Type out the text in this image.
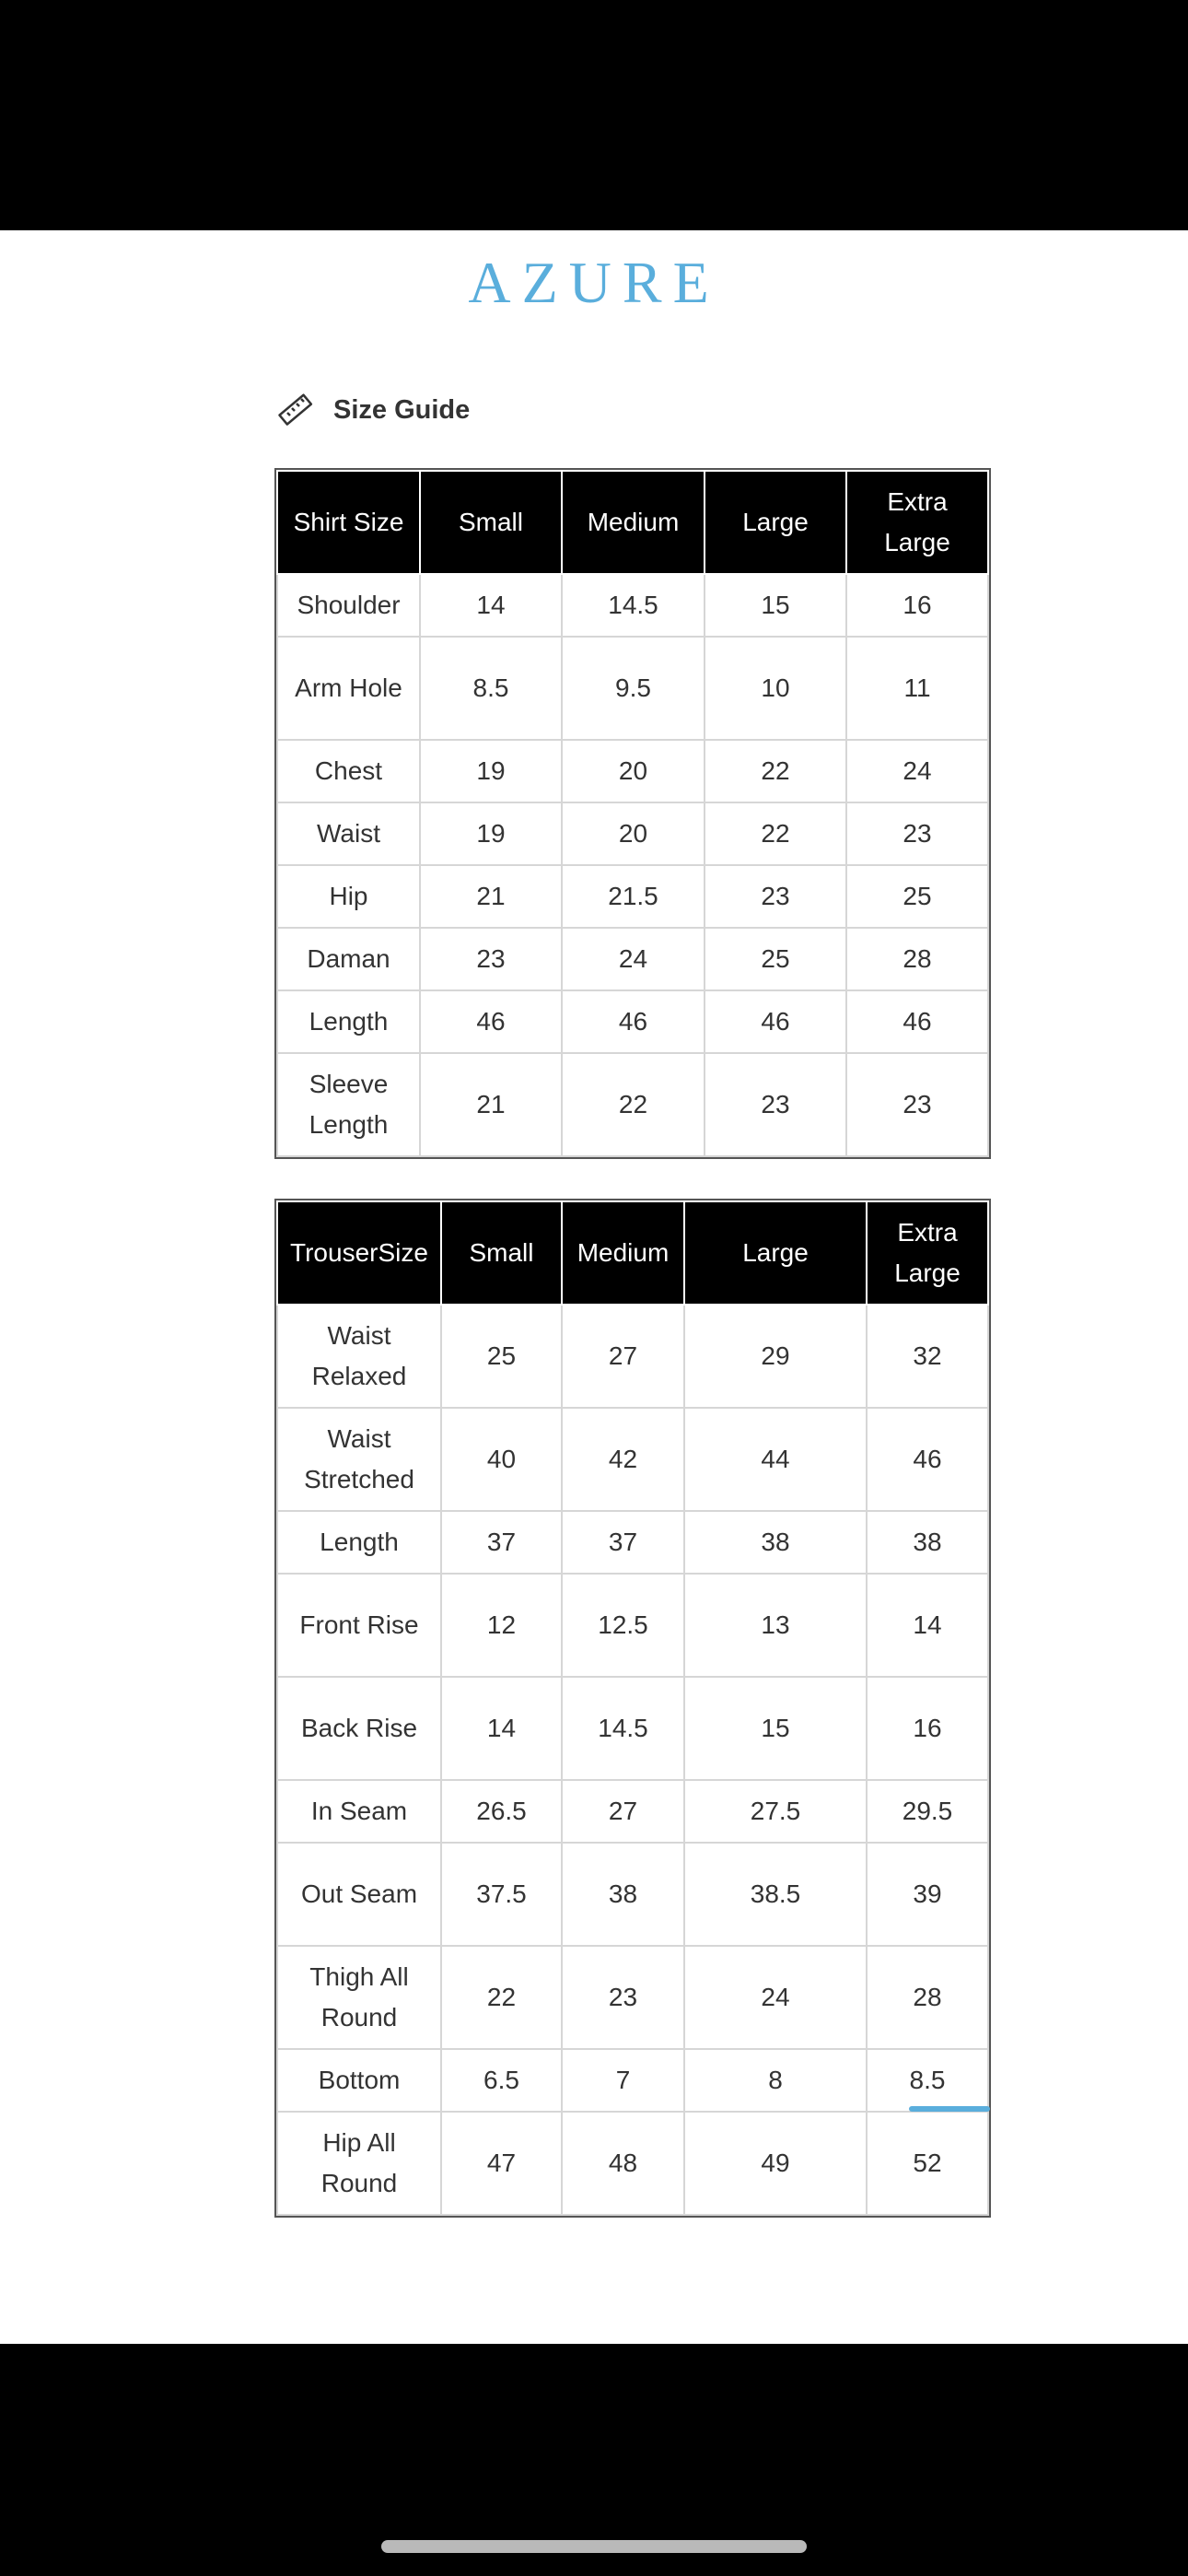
AZURE
Size Guide
Shirt Size	Small	Medium	Large	Extra Large
Shoulder	14	14.5	15	16
Arm Hole	8.5	9.5	10	11
Chest	19	20	22	24
Waist	19	20	22	23
Hip	21	21.5	23	25
Daman	23	24	25	28
Length	46	46	46	46
Sleeve Length	21	22	23	23
TrouserSize	Small	Medium	Large	Extra Large
Waist Relaxed	25	27	29	32
Waist Stretched	40	42	44	46
Length	37	37	38	38
Front Rise	12	12.5	13	14
Back Rise	14	14.5	15	16
In Seam	26.5	27	27.5	29.5
Out Seam	37.5	38	38.5	39
Thigh All Round	22	23	24	28
Bottom	6.5	7	8	8.5
Hip All Round	47	48	49	52
